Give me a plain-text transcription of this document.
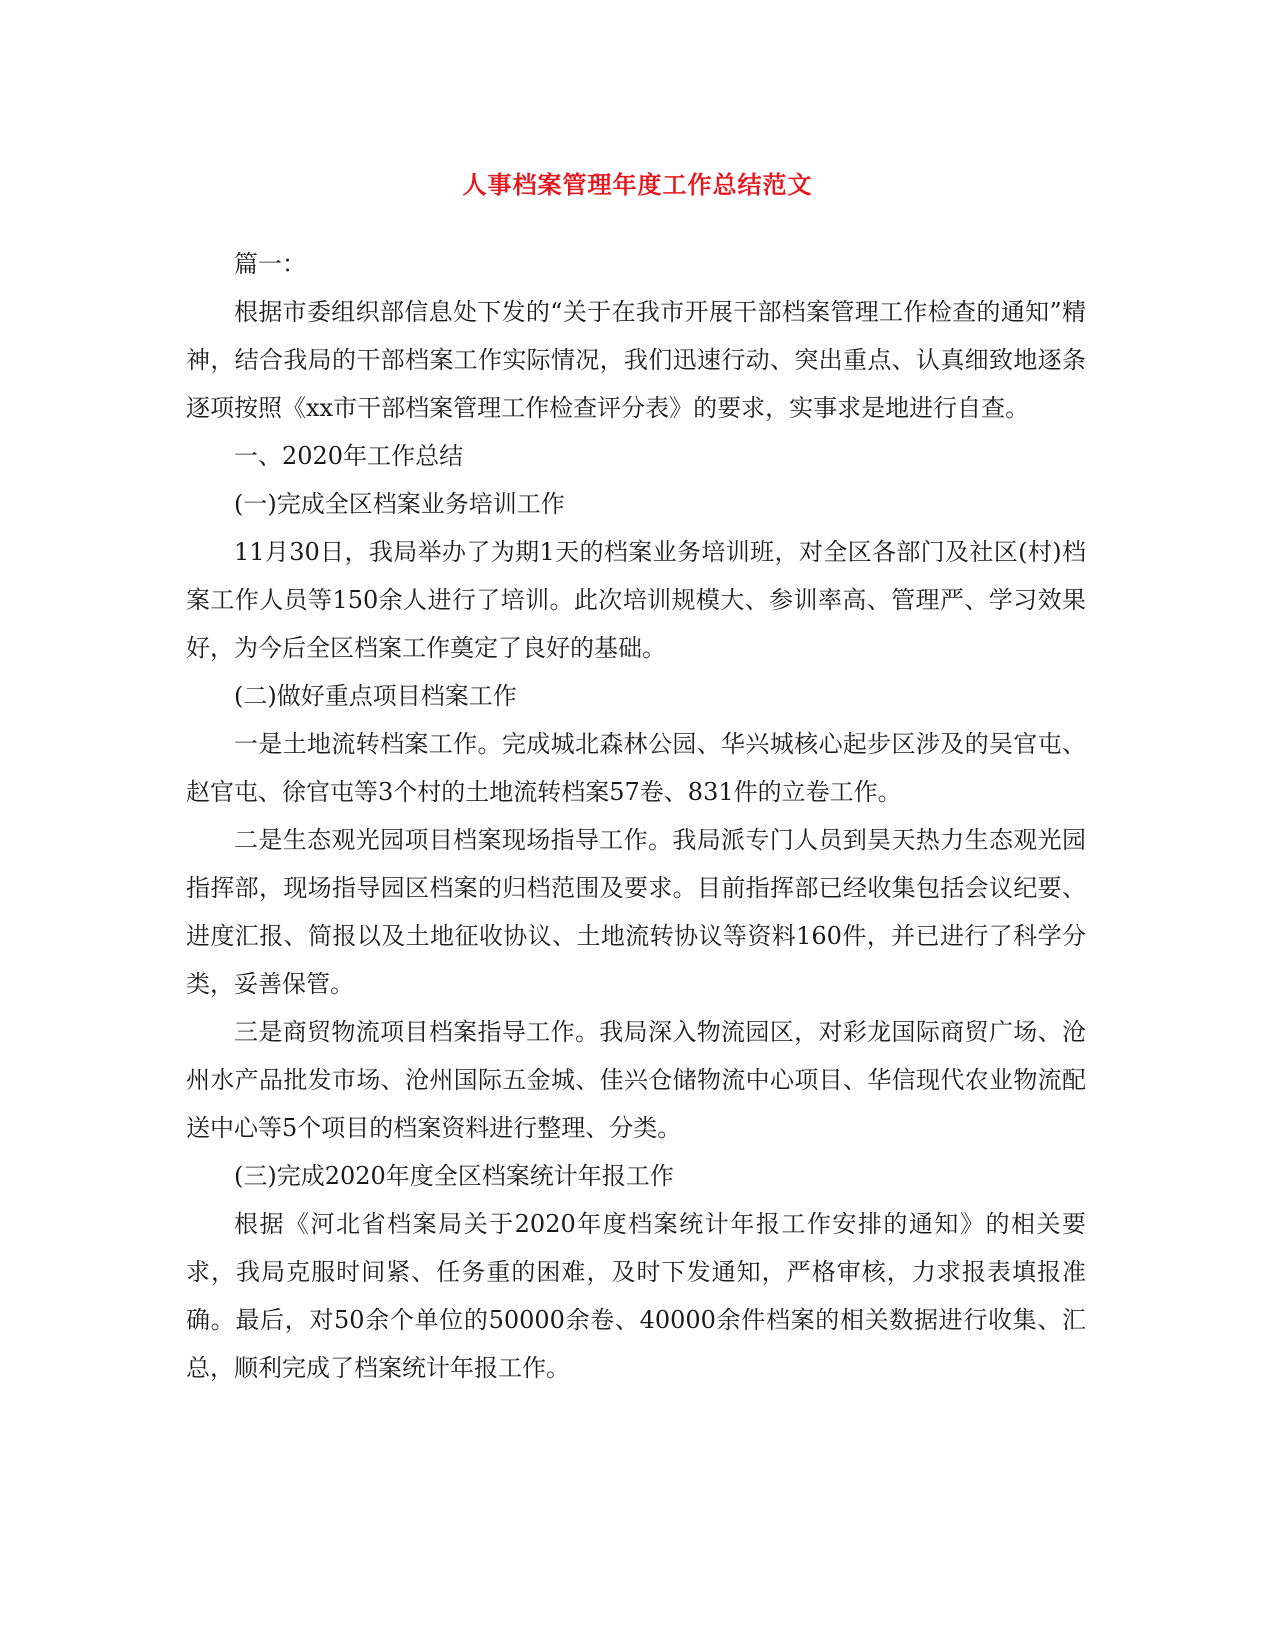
人事档案管理年度工作总结范文

篇一：

根据市委组织部信息处下发的“关于在我市开展干部档案管理工作检查的通知”精神，结合我局的干部档案工作实际情况，我们迅速行动、突出重点、认真细致地逐条逐项按照《xx市干部档案管理工作检查评分表》的要求，实事求是地进行自查。

一、2020年工作总结

(一)完成全区档案业务培训工作

11月30日，我局举办了为期1天的档案业务培训班，对全区各部门及社区(村)档案工作人员等150余人进行了培训。此次培训规模大、参训率高、管理严、学习效果好，为今后全区档案工作奠定了良好的基础。

(二)做好重点项目档案工作

一是土地流转档案工作。完成城北森林公园、华兴城核心起步区涉及的吴官屯、赵官屯、徐官屯等3个村的土地流转档案57卷、831件的立卷工作。

二是生态观光园项目档案现场指导工作。我局派专门人员到昊天热力生态观光园指挥部，现场指导园区档案的归档范围及要求。目前指挥部已经收集包括会议纪要、进度汇报、简报以及土地征收协议、土地流转协议等资料160件，并已进行了科学分类，妥善保管。

三是商贸物流项目档案指导工作。我局深入物流园区，对彩龙国际商贸广场、沧州水产品批发市场、沧州国际五金城、佳兴仓储物流中心项目、华信现代农业物流配送中心等5个项目的档案资料进行整理、分类。

(三)完成2020年度全区档案统计年报工作

根据《河北省档案局关于2020年度档案统计年报工作安排的通知》的相关要求，我局克服时间紧、任务重的困难，及时下发通知，严格审核，力求报表填报准确。最后，对50余个单位的50000余卷、40000余件档案的相关数据进行收集、汇总，顺利完成了档案统计年报工作。
